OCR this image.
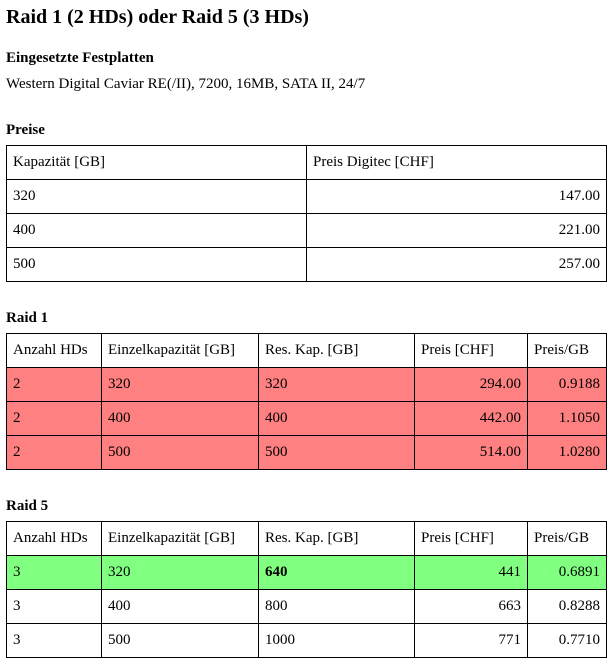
Raid 1 (2 HDs) oder Raid 5 (3 HDs)
Eingesetzte Festplatten

Western Digital Caviar RE(/II), 7200, 16MB, SATA II, 24/7

Preise
Kapazität [GB]	Preis Digitec [CHF]
320	147.00
400	221.00
500	257.00
Raid 1
Anzahl HDs	Einzelkapazität [GB]	Res. Kap. [GB]	Preis [CHF]	Preis/GB
2	320	320	294.00	0.9188
2	400	400	442.00	1.1050
2	500	500	514.00	1.0280
Raid 5
Anzahl HDs	Einzelkapazität [GB]	Res. Kap. [GB]	Preis [CHF]	Preis/GB
3	320	640	441	0.6891
3	400	800	663	0.8288
3	500	1000	771	0.7710
